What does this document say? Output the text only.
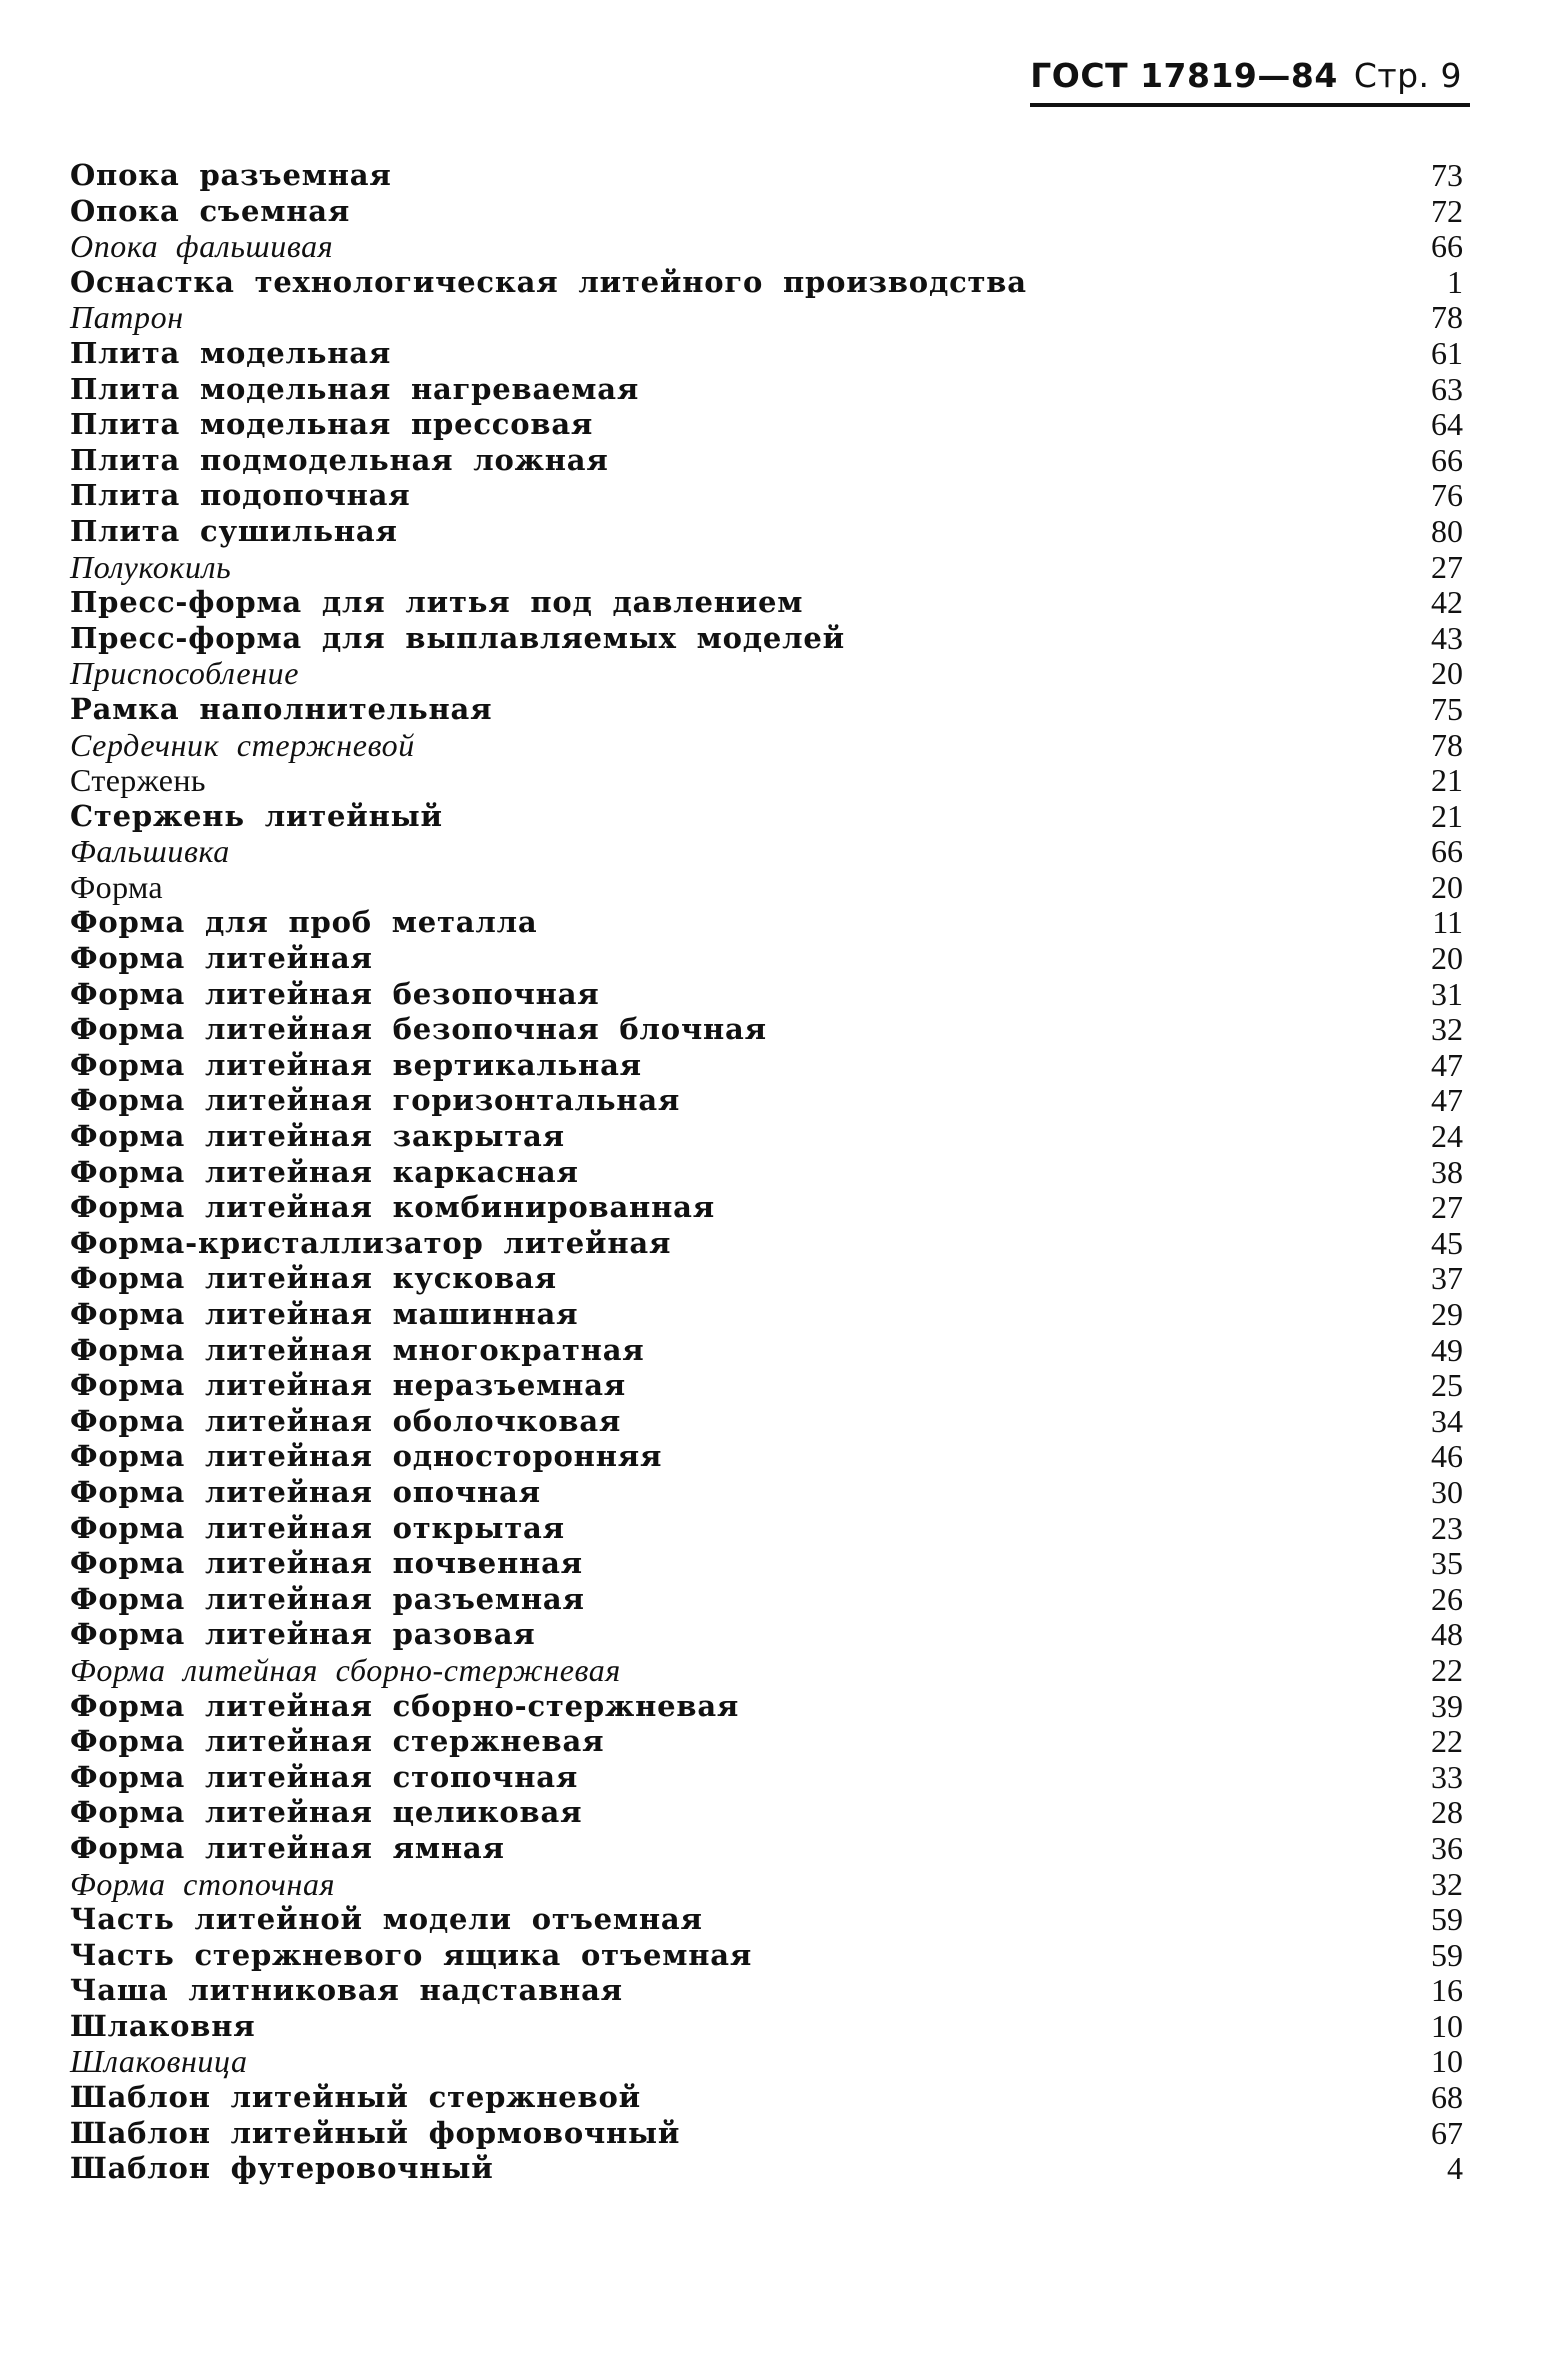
ГОСТ 17819—84 Стр. 9
Опока разъемная	73
Опока съемная	72
Опока фальшивая	66
Оснастка технологическая литейного производства	1
Патрон	78
Плита модельная	61
Плита модельная нагреваемая	63
Плита модельная прессовая	64
Плита подмодельная ложная	66
Плита подопочная	76
Плита сушильная	80
Полукокиль	27
Пресс-форма для литья под давлением	42
Пресс-форма для выплавляемых моделей	43
Приспособление	20
Рамка наполнительная	75
Сердечник стержневой	78
Стержень	21
Стержень литейный	21
Фальшивка	66
Форма	20
Форма для проб металла	11
Форма литейная	20
Форма литейная безопочная	31
Форма литейная безопочная блочная	32
Форма литейная вертикальная	47
Форма литейная горизонтальная	47
Форма литейная закрытая	24
Форма литейная каркасная	38
Форма литейная комбинированная	27
Форма-кристаллизатор литейная	45
Форма литейная кусковая	37
Форма литейная машинная	29
Форма литейная многократная	49
Форма литейная неразъемная	25
Форма литейная оболочковая	34
Форма литейная односторонняя	46
Форма литейная опочная	30
Форма литейная открытая	23
Форма литейная почвенная	35
Форма литейная разъемная	26
Форма литейная разовая	48
Форма литейная сборно-стержневая	22
Форма литейная сборно-стержневая	39
Форма литейная стержневая	22
Форма литейная стопочная	33
Форма литейная целиковая	28
Форма литейная ямная	36
Форма стопочная	32
Часть литейной модели отъемная	59
Часть стержневого ящика отъемная	59
Чаша литниковая надставная	16
Шлаковня	10
Шлаковница	10
Шаблон литейный стержневой	68
Шаблон литейный формовочный	67
Шаблон футеровочный	4
